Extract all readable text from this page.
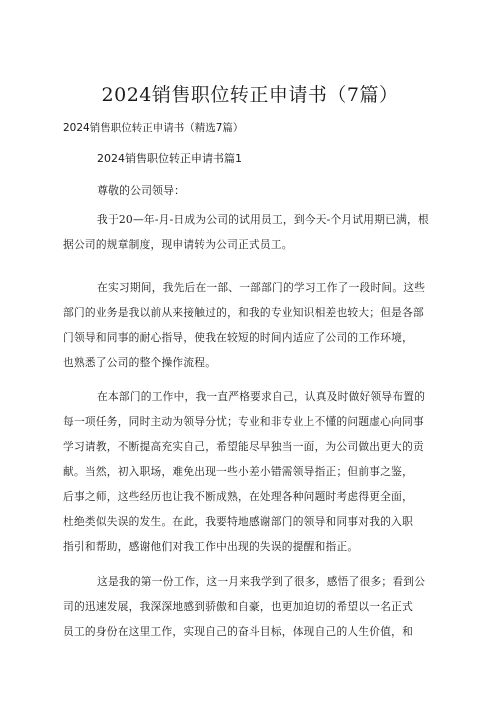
2024销售职位转正申请书（7篇）
2024销售职位转正申请书（精选7篇）
2024销售职位转正申请书篇1
尊敬的公司领导：
我于20—年-月-日成为公司的试用员工，到今天-个月试用期已满，根
据公司的规章制度，现申请转为公司正式员工。
在实习期间，我先后在一部、一部部门的学习工作了一段时间。这些
部门的业务是我以前从来接触过的，和我的专业知识相差也较大；但是各部
门领导和同事的耐心指导，使我在较短的时间内适应了公司的工作环境，
也熟悉了公司的整个操作流程。
在本部门的工作中，我一直严格要求自己，认真及时做好领导布置的
每一项任务，同时主动为领导分忧；专业和非专业上不懂的问题虚心向同事
学习请教，不断提高充实自己，希望能尽早独当一面，为公司做出更大的贡
献。当然，初入职场，难免出现一些小差小错需领导指正；但前事之鉴，
后事之师，这些经历也让我不断成熟，在处理各种问题时考虑得更全面，
杜绝类似失误的发生。在此，我要特地感谢部门的领导和同事对我的入职
指引和帮助，感谢他们对我工作中出现的失误的提醒和指正。
这是我的第一份工作，这一月来我学到了很多，感悟了很多；看到公
司的迅速发展，我深深地感到骄傲和自豪，也更加迫切的希望以一名正式
员工的身份在这里工作，实现自己的奋斗目标，体现自己的人生价值，和
